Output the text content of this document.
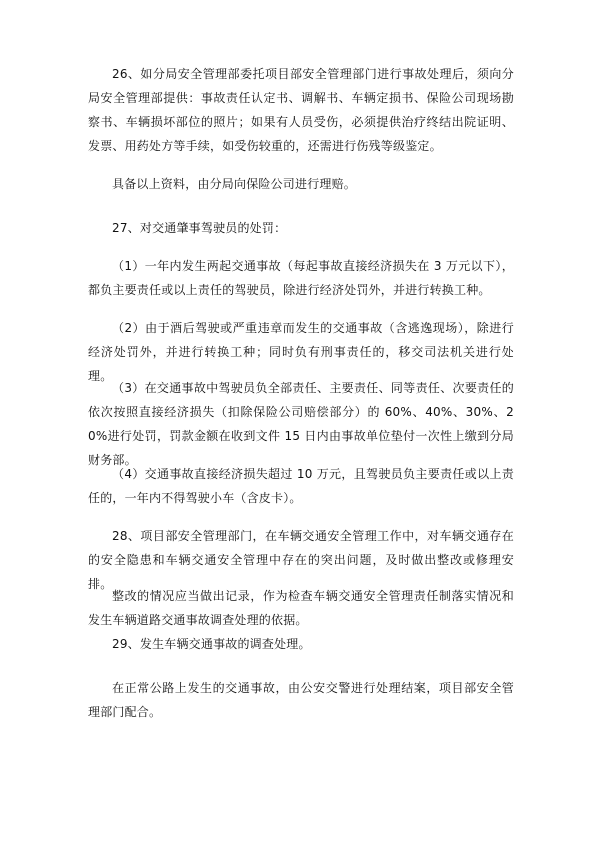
26、如分局安全管理部委托项目部安全管理部门进行事故处理后，须向分局安全管理部提供：事故责任认定书、调解书、车辆定损书、保险公司现场勘察书、车辆损坏部位的照片；如果有人员受伤，必须提供治疗终结出院证明、发票、用药处方等手续，如受伤较重的，还需进行伤残等级鉴定。

具备以上资料，由分局向保险公司进行理赔。

27、对交通肇事驾驶员的处罚：

（1）一年内发生两起交通事故（每起事故直接经济损失在 3 万元以下），都负主要责任或以上责任的驾驶员，除进行经济处罚外，并进行转换工种。

（2）由于酒后驾驶或严重违章而发生的交通事故（含逃逸现场），除进行经济处罚外，并进行转换工种；同时负有刑事责任的，移交司法机关进行处理。

（3）在交通事故中驾驶员负全部责任、主要责任、同等责任、次要责任的依次按照直接经济损失（扣除保险公司赔偿部分）的 60%、40%、30%、20%进行处罚，罚款金额在收到文件 15 日内由事故单位垫付一次性上缴到分局财务部。

（4）交通事故直接经济损失超过 10 万元，且驾驶员负主要责任或以上责任的，一年内不得驾驶小车（含皮卡）。

28、项目部安全管理部门，在车辆交通安全管理工作中，对车辆交通存在的安全隐患和车辆交通安全管理中存在的突出问题，及时做出整改或修理安排。

整改的情况应当做出记录，作为检查车辆交通安全管理责任制落实情况和发生车辆道路交通事故调查处理的依据。

29、发生车辆交通事故的调查处理。

在正常公路上发生的交通事故，由公安交警进行处理结案，项目部安全管理部门配合。
